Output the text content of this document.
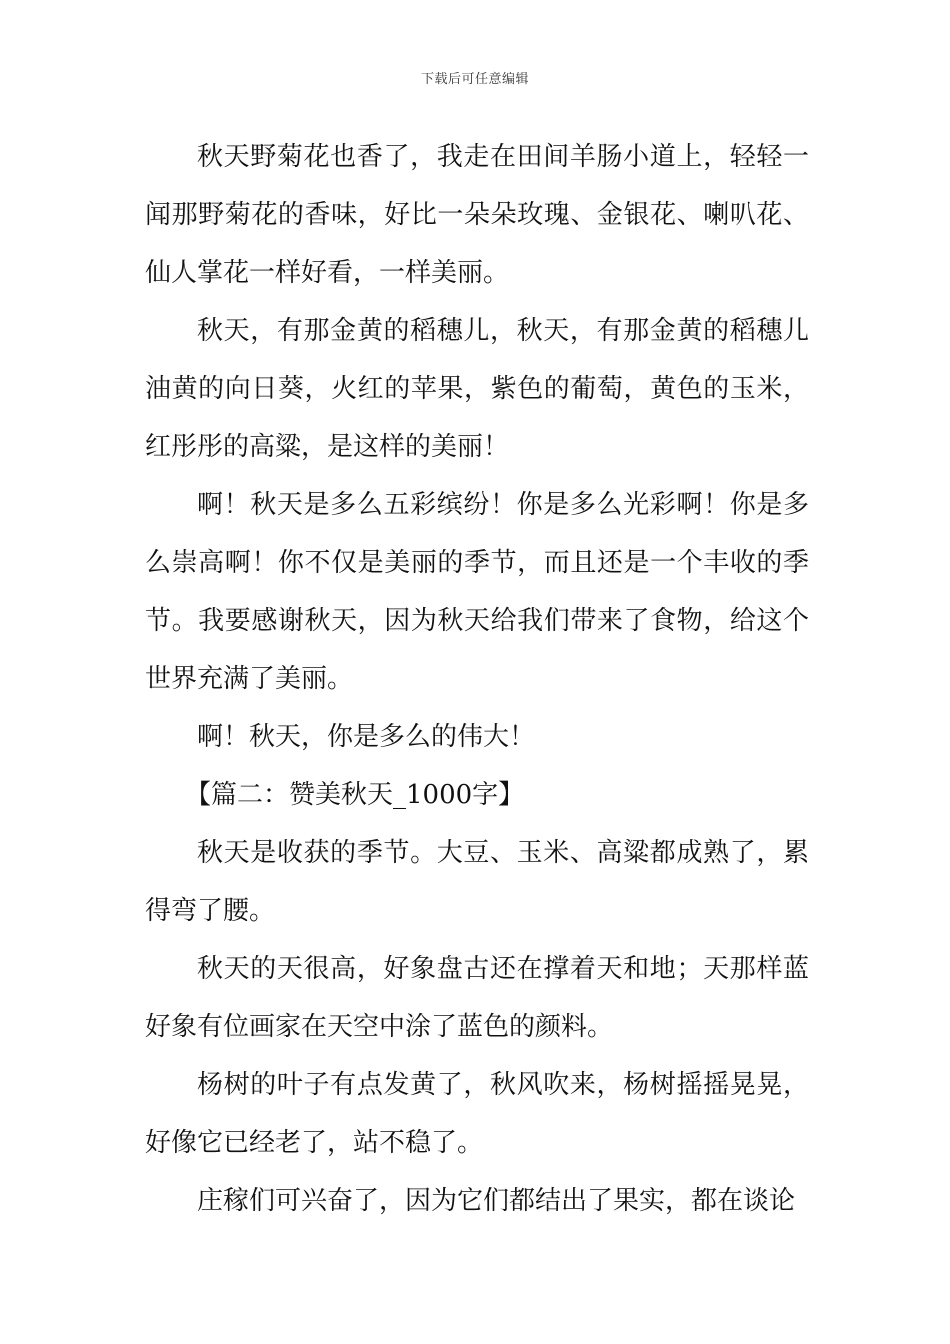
下载后可任意编辑

秋天野菊花也香了，我走在田间羊肠小道上，轻轻一闻那野菊花的香味，好比一朵朵玫瑰、金银花、喇叭花、仙人掌花一样好看，一样美丽。

秋天，有那金黄的稻穗儿，秋天，有那金黄的稻穗儿油黄的向日葵，火红的苹果，紫色的葡萄，黄色的玉米，红彤彤的高粱，是这样的美丽！

啊！秋天是多么五彩缤纷！你是多么光彩啊！你是多么崇高啊！你不仅是美丽的季节，而且还是一个丰收的季节。我要感谢秋天，因为秋天给我们带来了食物，给这个世界充满了美丽。

啊！秋天，你是多么的伟大！

【篇二：赞美秋天_1000字】

秋天是收获的季节。大豆、玉米、高粱都成熟了，累得弯了腰。

秋天的天很高，好象盘古还在撑着天和地；天那样蓝好象有位画家在天空中涂了蓝色的颜料。

杨树的叶子有点发黄了，秋风吹来，杨树摇摇晃晃，好像它已经老了，站不稳了。

庄稼们可兴奋了，因为它们都结出了果实，都在谈论
